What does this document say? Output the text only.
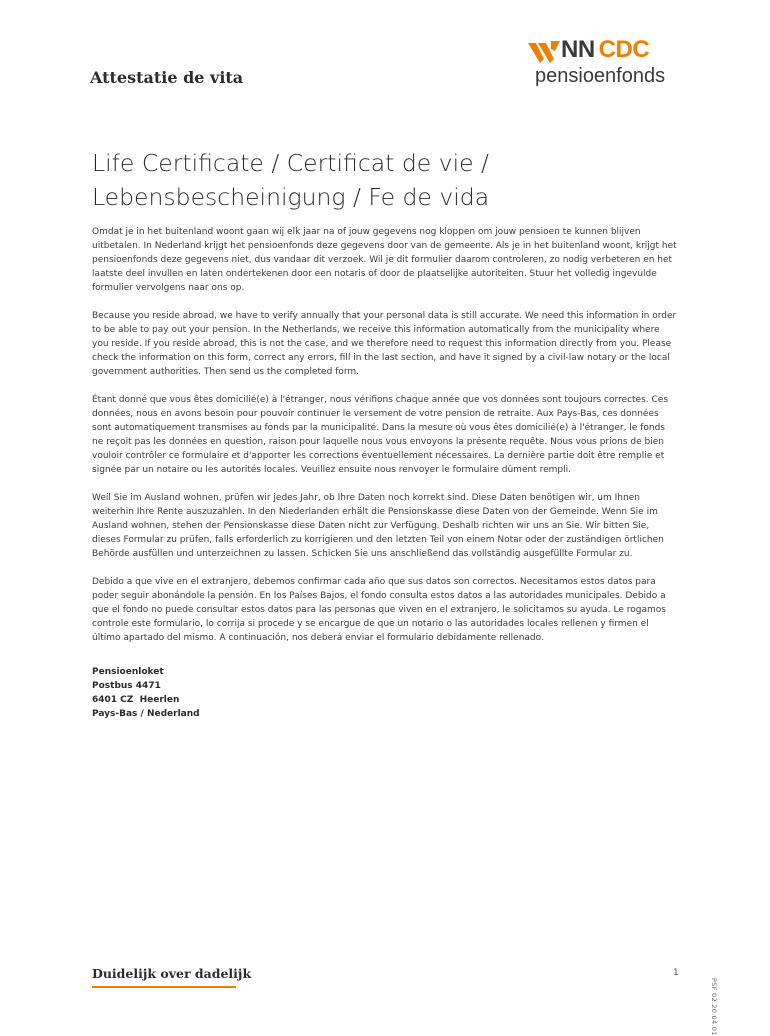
Attestatie de vita
NN CDC
pensioenfonds
Life Certificate / Certificat de vie /
Lebensbescheinigung / Fe de vida

Omdat je in het buitenland woont gaan wij elk jaar na of jouw gegevens nog kloppen om jouw pensioen te kunnen blijven uitbetalen. In Nederland krijgt het pensioenfonds deze gegevens door van de gemeente. Als je in het buitenland woont, krijgt het pensioenfonds deze gegevens niet, dus vandaar dit verzoek. Wil je dit formulier daarom controleren, zo nodig verbeteren en het laatste deel invullen en laten ondertekenen door een notaris of door de plaatselijke autoriteiten. Stuur het volledig ingevulde formulier vervolgens naar ons op.

Because you reside abroad, we have to verify annually that your personal data is still accurate. We need this information in order to be able to pay out your pension. In the Netherlands, we receive this information automatically from the municipality where you reside. If you reside abroad, this is not the case, and we therefore need to request this information directly from you. Please check the information on this form, correct any errors, fill in the last section, and have it signed by a civil-law notary or the local government authorities. Then send us the completed form.

Étant donné que vous êtes domicilié(e) à l'étranger, nous vérifions chaque année que vos données sont toujours correctes. Ces données, nous en avons besoin pour pouvoir continuer le versement de votre pension de retraite. Aux Pays-Bas, ces données sont automatiquement transmises au fonds par la municipalité. Dans la mesure où vous êtes domicilié(e) à l'étranger, le fonds ne reçoit pas les données en question, raison pour laquelle nous vous envoyons la présente requête. Nous vous prions de bien vouloir contrôler ce formulaire et d'apporter les corrections éventuellement nécessaires. La dernière partie doit être remplie et signée par un notaire ou les autorités locales. Veuillez ensuite nous renvoyer le formulaire dûment rempli.

Weil Sie im Ausland wohnen, prüfen wir jedes Jahr, ob Ihre Daten noch korrekt sind. Diese Daten benötigen wir, um Ihnen weiterhin Ihre Rente auszuzahlen. In den Niederlanden erhält die Pensionskasse diese Daten von der Gemeinde. Wenn Sie im Ausland wohnen, stehen der Pensionskasse diese Daten nicht zur Verfügung. Deshalb richten wir uns an Sie. Wir bitten Sie, dieses Formular zu prüfen, falls erforderlich zu korrigieren und den letzten Teil von einem Notar oder der zuständigen örtlichen Behörde ausfüllen und unterzeichnen zu lassen. Schicken Sie uns anschließend das vollständig ausgefüllte Formular zu.

Debido a que vive en el extranjero, debemos confirmar cada año que sus datos son correctos. Necesitamos estos datos para poder seguir abonándole la pensión. En los Países Bajos, el fondo consulta estos datos a las autoridades municipales. Debido a que el fondo no puede consultar estos datos para las personas que viven en el extranjero, le solicitamos su ayuda. Le rogamos controle este formulario, lo corrija si procede y se encargue de que un notario o las autoridades locales rellenen y firmen el último apartado del mismo. A continuación, nos deberá enviar el formulario debidamente rellenado.

Pensioenloket
Postbus 4471
6401 CZ  Heerlen
Pays-Bas / Nederland
Duidelijk over dadelijk	1
PSF 02.20.04.01
